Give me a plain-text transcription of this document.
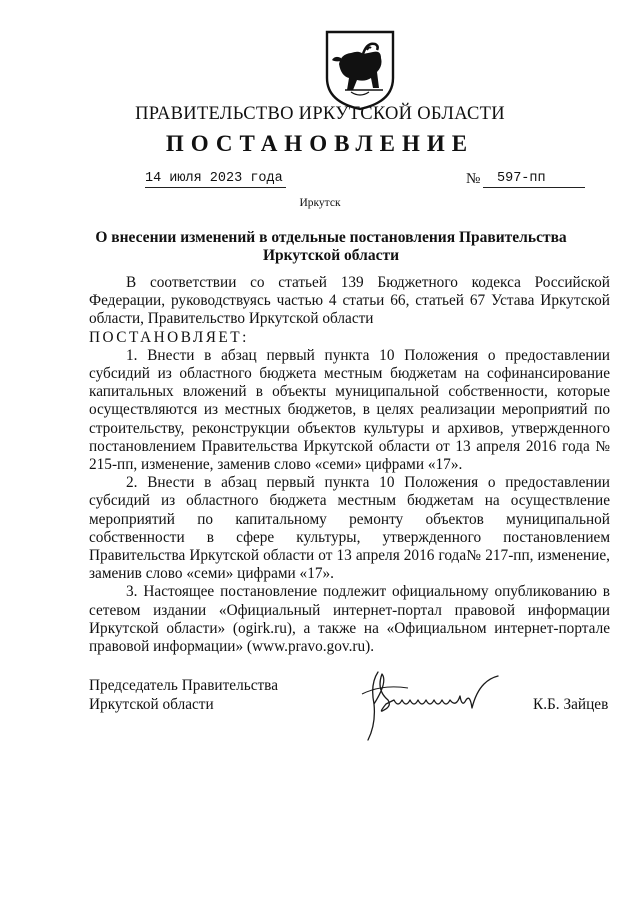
ПРАВИТЕЛЬСТВО ИРКУТСКОЙ ОБЛАСТИ
ПОСТАНОВЛЕНИЕ
14 июля 2023 года	№	597-пп
Иркутск
О внесении изменений в отдельные постановления Правительства Иркутской области

В соответствии со статьей 139 Бюджетного кодекса Российской Федерации, руководствуясь частью 4 статьи 66, статьей 67 Устава Иркутской области, Правительство Иркутской области

ПОСТАНОВЛЯЕТ:

1. Внести в абзац первый пункта 10 Положения о предоставлении субсидий из областного бюджета местным бюджетам на софинансирование капитальных вложений в объекты муниципальной собственности, которые осуществляются из местных бюджетов, в целях реализации мероприятий по строительству, реконструкции объектов культуры и архивов, утвержденного постановлением Правительства Иркутской области от 13 апреля 2016 года № 215-пп, изменение, заменив слово «семи» цифрами «17».

2. Внести в абзац первый пункта 10 Положения о предоставлении субсидий из областного бюджета местным бюджетам на осуществление мероприятий по капитальному ремонту объектов муниципальной собственности в сфере культуры, утвержденного постановлением Правительства Иркутской области от 13 апреля 2016 года№ 217-пп, изменение, заменив слово «семи» цифрами «17».

3. Настоящее постановление подлежит официальному опубликованию в сетевом издании «Официальный интернет-портал правовой информации Иркутской области» (ogirk.ru), а также на «Официальном интернет-портале правовой информации» (www.pravo.gov.ru).

Председатель Правительства
Иркутской области	К.Б. Зайцев
